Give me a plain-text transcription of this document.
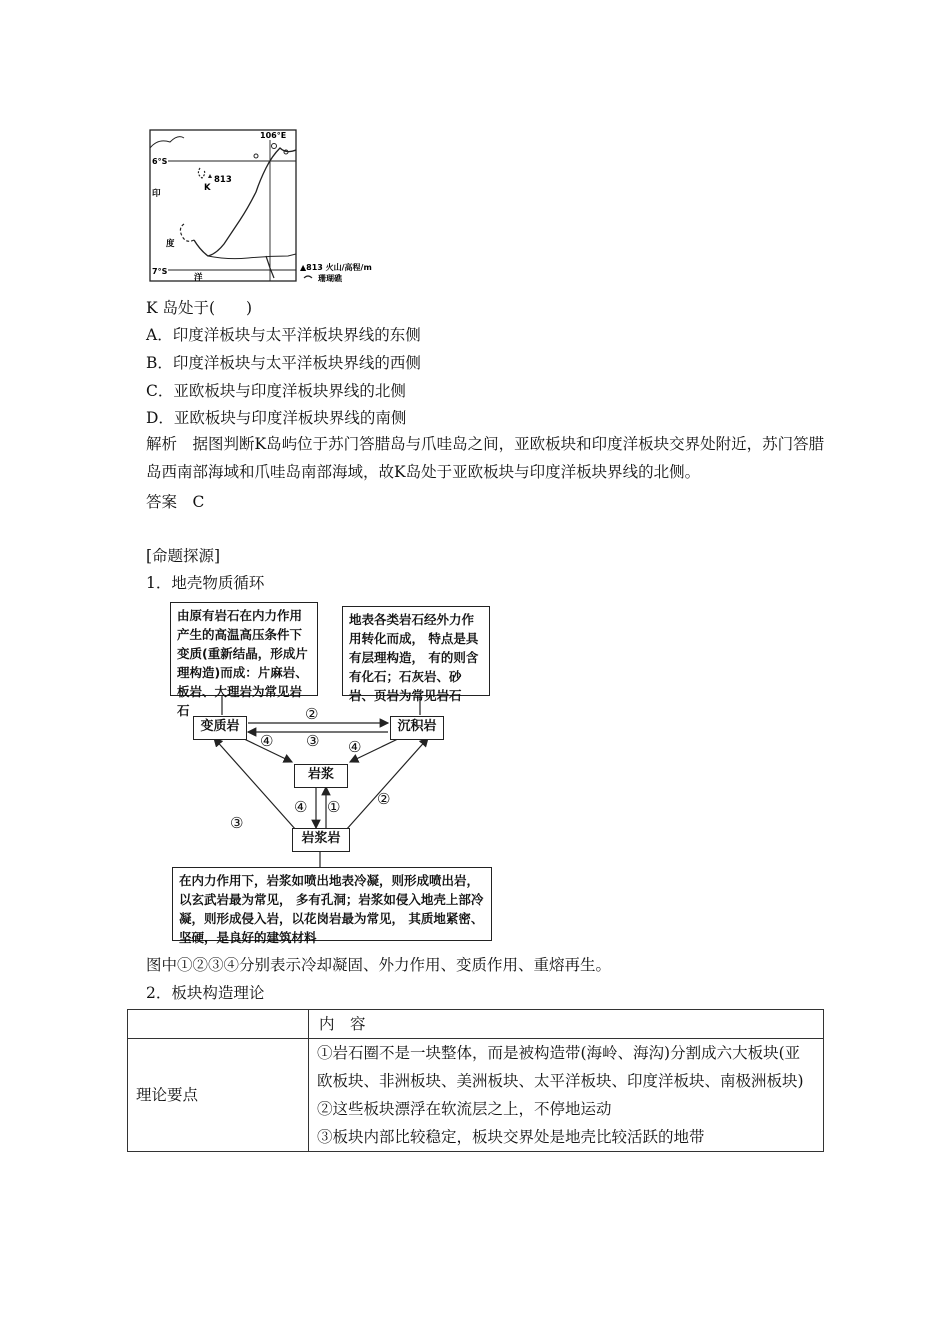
813
K
106°E
6°S
7°S
印
度
洋
▲813 火山/高程/m
珊瑚礁
K 岛处于(　　)
A．印度洋板块与太平洋板块界线的东侧
B．印度洋板块与太平洋板块界线的西侧
C．亚欧板块与印度洋板块界线的北侧
D．亚欧板块与印度洋板块界线的南侧
解析　据图判断K岛屿位于苏门答腊岛与爪哇岛之间，亚欧板块和印度洋板块交界处附近，苏门答腊岛西南部海域和爪哇岛南部海域，故K岛处于亚欧板块与印度洋板块界线的北侧。
答案　C
[命题探源]
1．地壳物质循环
由原有岩石在内力作用产生的高温高压条件下变质(重新结晶，形成片理构造)而成：片麻岩、板岩、大理岩为常见岩石
地表各类岩石经外力作用转化而成， 特点是具有层理构造， 有的则含有化石；石灰岩、砂岩、页岩为常见岩石
变质岩	沉积岩
岩浆
岩浆岩
②
④ ③ ④
③
②
④ ①
在内力作用下，岩浆如喷出地表冷凝，则形成喷出岩，以玄武岩最为常见， 多有孔洞；岩浆如侵入地壳上部冷凝，则形成侵入岩，以花岗岩最为常见， 其质地紧密、坚硬，是良好的建筑材料
图中①②③④分别表示冷却凝固、外力作用、变质作用、重熔再生。
2．板块构造理论
	内　容
理论要点	①岩石圈不是一块整体，而是被构造带(海岭、海沟)分割成六大板块(亚欧板块、非洲板块、美洲板块、太平洋板块、印度洋板块、南极洲板块)
②这些板块漂浮在软流层之上，不停地运动
③板块内部比较稳定，板块交界处是地壳比较活跃的地带
